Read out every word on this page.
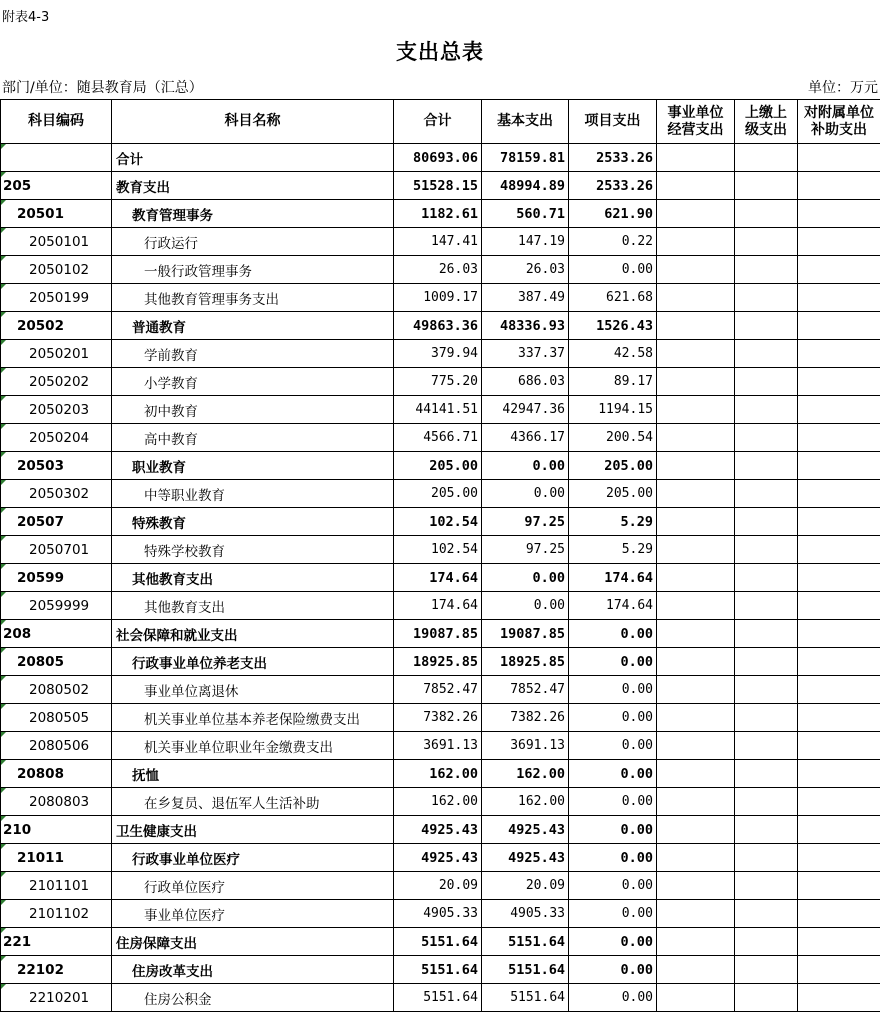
附表4-3
支出总表
部门/单位：随县教育局（汇总）	单位：万元
科目编码	科目名称	合计	基本支出	项目支出	事业单位经营支出	上缴上级支出	对附属单位补助支出
	合计	80693.06	78159.81	2533.26			
205	教育支出	51528.15	48994.89	2533.26			
20501	教育管理事务	1182.61	560.71	621.90			
2050101	行政运行	147.41	147.19	0.22			
2050102	一般行政管理事务	26.03	26.03	0.00			
2050199	其他教育管理事务支出	1009.17	387.49	621.68			
20502	普通教育	49863.36	48336.93	1526.43			
2050201	学前教育	379.94	337.37	42.58			
2050202	小学教育	775.20	686.03	89.17			
2050203	初中教育	44141.51	42947.36	1194.15			
2050204	高中教育	4566.71	4366.17	200.54			
20503	职业教育	205.00	0.00	205.00			
2050302	中等职业教育	205.00	0.00	205.00			
20507	特殊教育	102.54	97.25	5.29			
2050701	特殊学校教育	102.54	97.25	5.29			
20599	其他教育支出	174.64	0.00	174.64			
2059999	其他教育支出	174.64	0.00	174.64			
208	社会保障和就业支出	19087.85	19087.85	0.00			
20805	行政事业单位养老支出	18925.85	18925.85	0.00			
2080502	事业单位离退休	7852.47	7852.47	0.00			
2080505	机关事业单位基本养老保险缴费支出	7382.26	7382.26	0.00			
2080506	机关事业单位职业年金缴费支出	3691.13	3691.13	0.00			
20808	抚恤	162.00	162.00	0.00			
2080803	在乡复员、退伍军人生活补助	162.00	162.00	0.00			
210	卫生健康支出	4925.43	4925.43	0.00			
21011	行政事业单位医疗	4925.43	4925.43	0.00			
2101101	行政单位医疗	20.09	20.09	0.00			
2101102	事业单位医疗	4905.33	4905.33	0.00			
221	住房保障支出	5151.64	5151.64	0.00			
22102	住房改革支出	5151.64	5151.64	0.00			
2210201	住房公积金	5151.64	5151.64	0.00			
